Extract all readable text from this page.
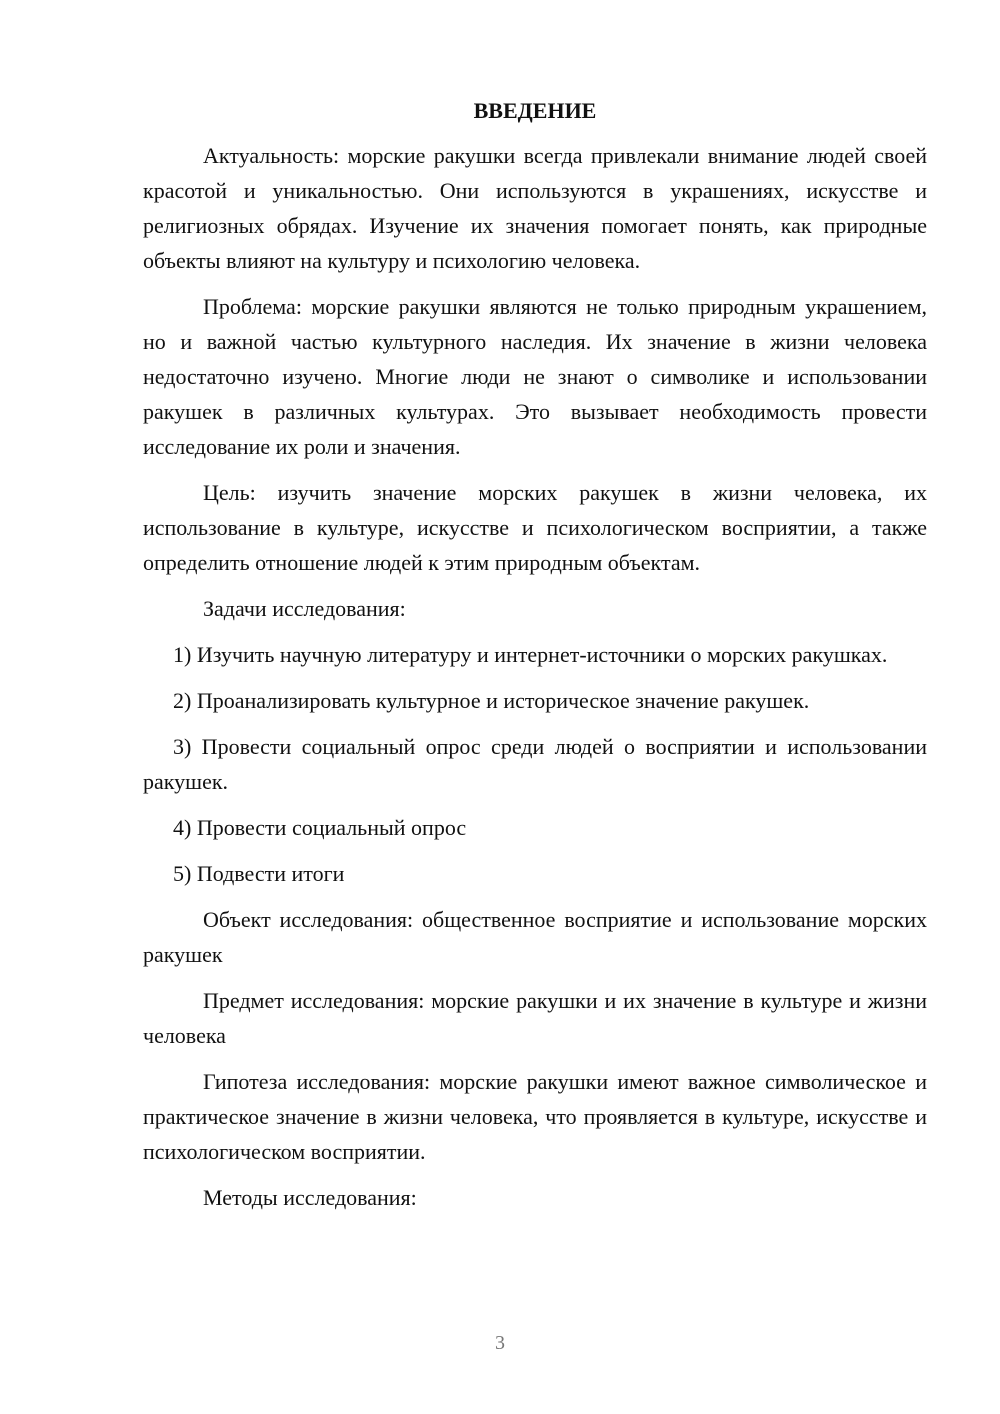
ВВЕДЕНИЕ

Актуальность: морские ракушки всегда привлекали внимание людей своей красотой и уникальностью. Они используются в украшениях, искусстве и религиозных обрядах. Изучение их значения помогает понять, как природные объекты влияют на культуру и психологию человека.

Проблема: морские ракушки являются не только природным украшением, но и важной частью культурного наследия. Их значение в жизни человека недостаточно изучено. Многие люди не знают о символике и использовании ракушек в различных культурах. Это вызывает необходимость провести исследование их роли и значения.

Цель: изучить значение морских ракушек в жизни человека, их использование в культуре, искусстве и психологическом восприятии, а также определить отношение людей к этим природным объектам.

Задачи исследования:

1) Изучить научную литературу и интернет-источники о морских ракушках.

2) Проанализировать культурное и историческое значение ракушек.

3) Провести социальный опрос среди людей о восприятии и использовании ракушек.

4) Провести социальный опрос

5) Подвести итоги

Объект исследования: общественное восприятие и использование морских ракушек

Предмет исследования: морские ракушки и их значение в культуре и жизни человека

Гипотеза исследования: морские ракушки имеют важное символическое и практическое значение в жизни человека, что проявляется в культуре, искусстве и психологическом восприятии.

Методы исследования:

3
